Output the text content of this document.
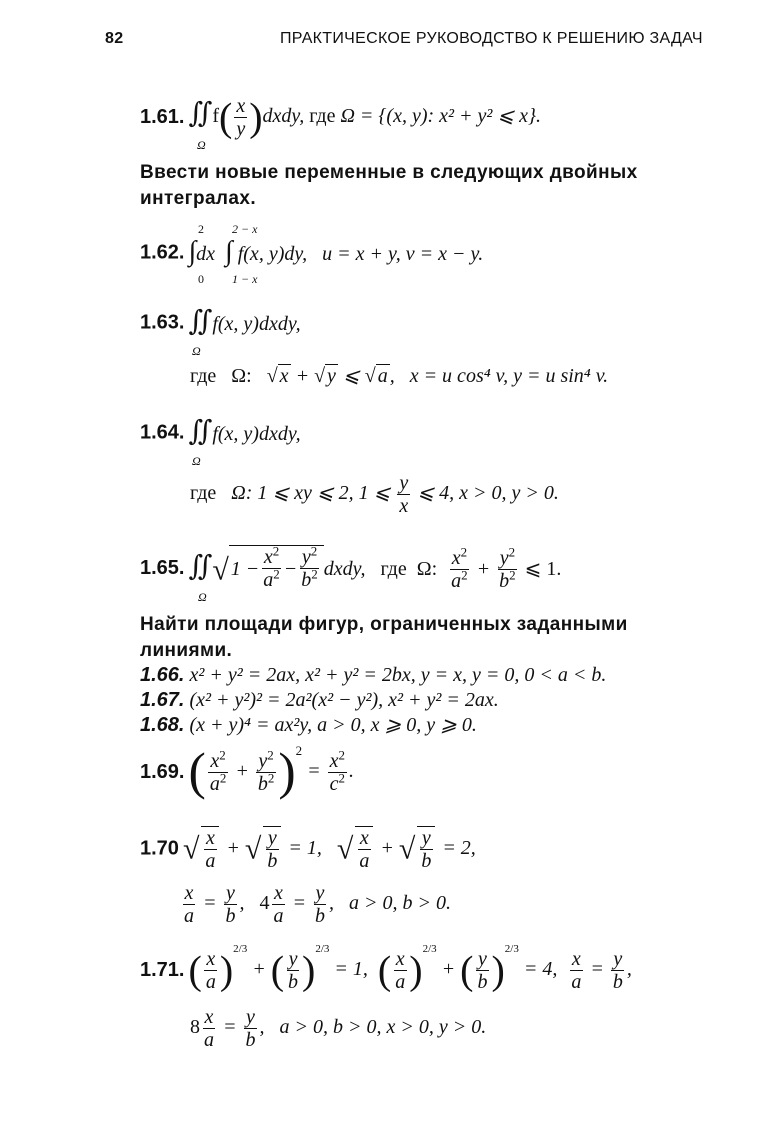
82	ПРАКТИЧЕСКОЕ РУКОВОДСТВО К РЕШЕНИЮ ЗАДАЧ
1.61. ∬f( $\frac{x}{y}$ )dxdy, где Ω = {(x, y): x² + y² ⩽ x}.
Ω
Ввести новые переменные в следующих двойных интегралах.
2 2 − x
1.62. ∫dx  ∫ f(x, y)dy, u = x + y, v = x − y.
0 1 − x
1.63. ∬f(x, y)dxdy,
Ω
где Ω: √ x + √ y ⩽ √ a ,   x = u cos⁴ v, y = u sin⁴ v.
1.64. ∬f(x, y)dxdy,
Ω
где Ω: 1 ⩽ xy ⩽ 2, 1 ⩽ $\frac{y}{x}$ ⩽ 4, x > 0, y > 0.
1.65. ∬√ $1 - \frac{x^2}{a^2} - \frac{y^2}{b^2}$ dxdy,   где Ω: $\frac{x^2}{a^2} + \frac{y^2}{b^2}$ ⩽ 1.
Ω
Найти площади фигур, ограниченных заданными линиями.
1.66. x² + y² = 2ax, x² + y² = 2bx, y = x, y = 0, 0 < a < b.
1.67. (x² + y²)² = 2a²(x² − y²), x² + y² = 2ax.
1.68. (x + y)⁴ = ax²y, a > 0, x ⩾ 0, y ⩾ 0.
1.69. ( $\frac{x^2}{a^2} + \frac{y^2}{b^2} )^2 = \frac{x^2}{c^2}$ .
1.70 √ $\frac{x}{a}$ + √ $\frac{y}{b} = 1$, √ $\frac{x}{a}$ + √ $\frac{y}{b} = 2$,
$\frac{x}{a} = \frac{y}{b}$ ,   $4 \frac{x}{a} = \frac{y}{b}$ ,   a > 0, b > 0.
1.71. ( $\frac{x}{a} )^{2/3}$ + ( $\frac{y}{b} )^{2/3} = 1$, ( $\frac{x}{a} )^{2/3}$ + ( $\frac{y}{b} )^{2/3} = 4$, $\frac{x}{a} = \frac{y}{b}$ ,
$8 \frac{x}{a} = \frac{y}{b}$ ,   a > 0, b > 0, x > 0, y > 0.
